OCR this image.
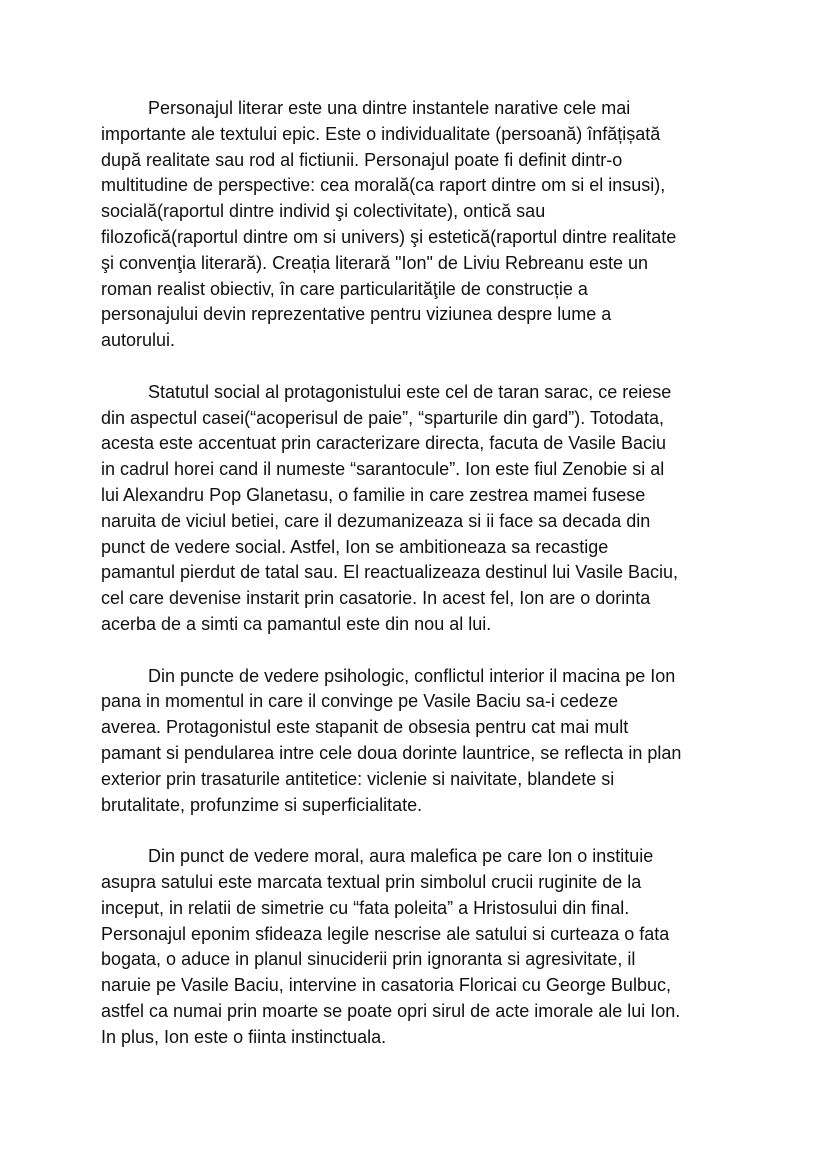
Personajul literar este una dintre instantele narative cele mai
importante ale textului epic. Este o individualitate (persoană) înfățișată
după realitate sau rod al fictiunii. Personajul poate fi definit dintr-o
multitudine de perspective: cea morală(ca raport dintre om si el insusi),
socială(raportul dintre individ şi colectivitate), ontică sau
filozofică(raportul dintre om si univers) şi estetică(raportul dintre realitate
şi convenţia literară). Creația literară "Ion" de Liviu Rebreanu este un
roman realist obiectiv, în care particularităţile de construcție a
personajului devin reprezentative pentru viziunea despre lume a
autorului.

Statutul social al protagonistului este cel de taran sarac, ce reiese
din aspectul casei(“acoperisul de paie”, “sparturile din gard”). Totodata,
acesta este accentuat prin caracterizare directa, facuta de Vasile Baciu
in cadrul horei cand il numeste “sarantocule”. Ion este fiul Zenobie si al
lui Alexandru Pop Glanetasu, o familie in care zestrea mamei fusese
naruita de viciul betiei, care il dezumanizeaza si ii face sa decada din
punct de vedere social. Astfel, Ion se ambitioneaza sa recastige
pamantul pierdut de tatal sau. El reactualizeaza destinul lui Vasile Baciu,
cel care devenise instarit prin casatorie. In acest fel, Ion are o dorinta
acerba de a simti ca pamantul este din nou al lui.

Din puncte de vedere psihologic, conflictul interior il macina pe Ion
pana in momentul in care il convinge pe Vasile Baciu sa-i cedeze
averea. Protagonistul este stapanit de obsesia pentru cat mai mult
pamant si pendularea intre cele doua dorinte launtrice, se reflecta in plan
exterior prin trasaturile antitetice: viclenie si naivitate, blandete si
brutalitate, profunzime si superficialitate.

Din punct de vedere moral, aura malefica pe care Ion o instituie
asupra satului este marcata textual prin simbolul crucii ruginite de la
inceput, in relatii de simetrie cu “fata poleita” a Hristosului din final.
Personajul eponim sfideaza legile nescrise ale satului si curteaza o fata
bogata, o aduce in planul sinuciderii prin ignoranta si agresivitate, il
naruie pe Vasile Baciu, intervine in casatoria Floricai cu George Bulbuc,
astfel ca numai prin moarte se poate opri sirul de acte imorale ale lui Ion.
In plus, Ion este o fiinta instinctuala.
